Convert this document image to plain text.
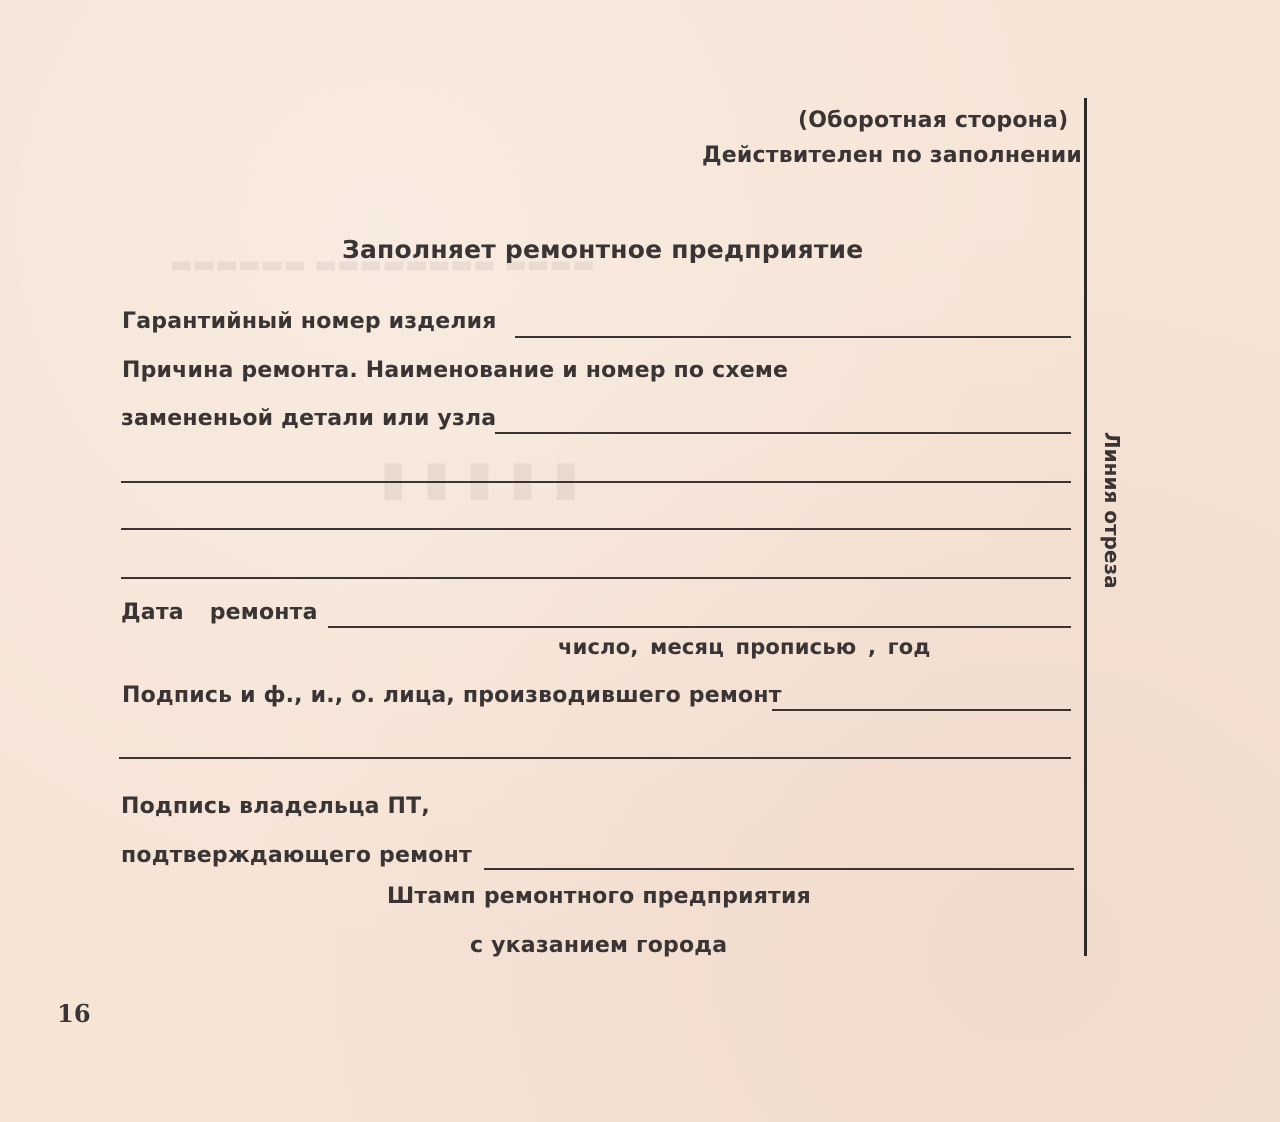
▬▬▬▬▬▬ ▬▬▬▬▬▬▬▬ ▬▬▬▬
▮ ▮ ▮ ▮ ▮
(Оборотная сторона)
Действителен по заполнении
Заполняет ремонтное предприятие
Гарантийный номер изделия
Причина ремонта. Наименование и номер по схеме
замененьой детали или узла
Дата ремонта
число, месяц прописью , год
Подпись и ф., и., о. лица, производившего ремонт
Подпись владельца ПТ,
подтверждающего ремонт
Штамп ремонтного предприятия
с указанием города
Линия отреза
16
